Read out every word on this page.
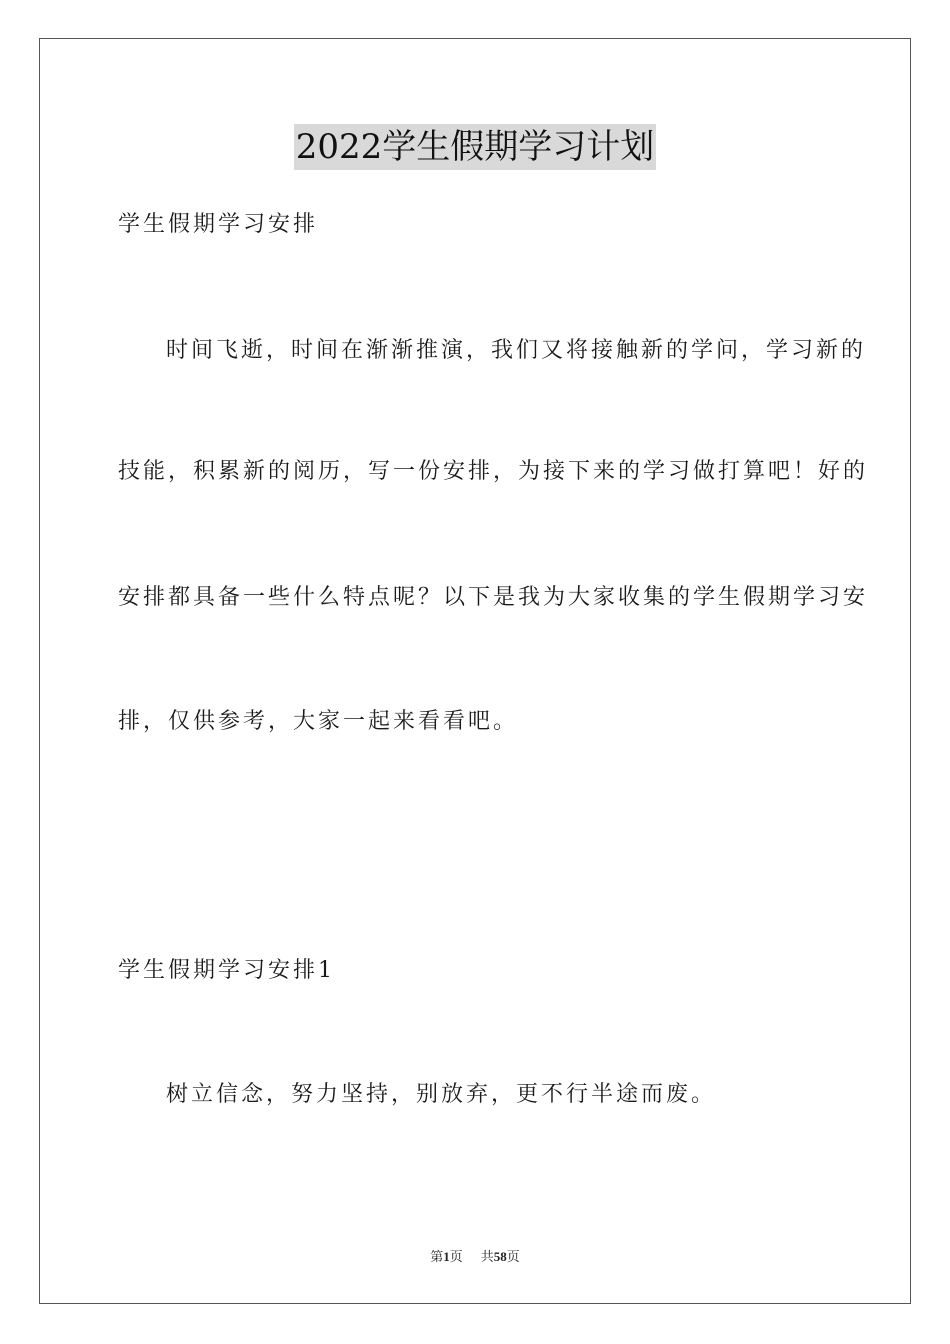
2022学生假期学习计划

学生假期学习安排

时间飞逝，时间在渐渐推演，我们又将接触新的学问，学习新的

技能，积累新的阅历，写一份安排，为接下来的学习做打算吧！好的

安排都具备一些什么特点呢？以下是我为大家收集的学生假期学习安

排，仅供参考，大家一起来看看吧。

学生假期学习安排1

树立信念，努力坚持，别放弃，更不行半途而废。

第1页 共58页
